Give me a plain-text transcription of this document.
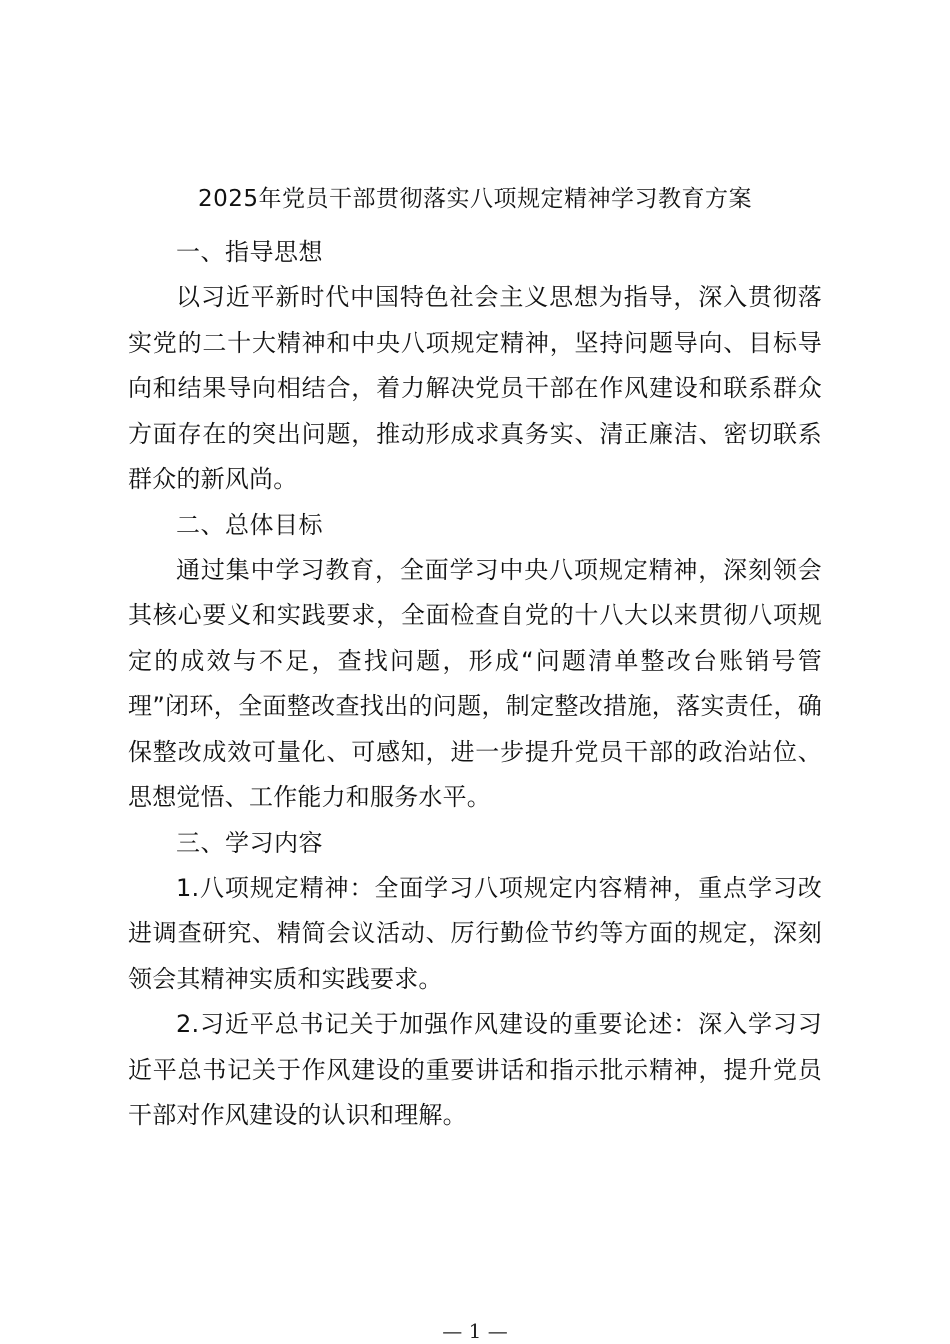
2025年党员干部贯彻落实八项规定精神学习教育方案
一、指导思想

以习近平新时代中国特色社会主义思想为指导，深入贯彻落实党的二十大精神和中央八项规定精神，坚持问题导向、目标导向和结果导向相结合，着力解决党员干部在作风建设和联系群众方面存在的突出问题，推动形成求真务实、清正廉洁、密切联系群众的新风尚。

二、总体目标

通过集中学习教育，全面学习中央八项规定精神，深刻领会其核心要义和实践要求，全面检查自党的十八大以来贯彻八项规定的成效与不足，查找问题，形成“问题清单整改台账销号管理”闭环，全面整改查找出的问题，制定整改措施，落实责任，确保整改成效可量化、可感知，进一步提升党员干部的政治站位、思想觉悟、工作能力和服务水平。

三、学习内容

1.八项规定精神：全面学习八项规定内容精神，重点学习改进调查研究、精简会议活动、厉行勤俭节约等方面的规定，深刻领会其精神实质和实践要求。

2.习近平总书记关于加强作风建设的重要论述：深入学习习近平总书记关于作风建设的重要讲话和指示批示精神，提升党员干部对作风建设的认识和理解。

— 1 —
